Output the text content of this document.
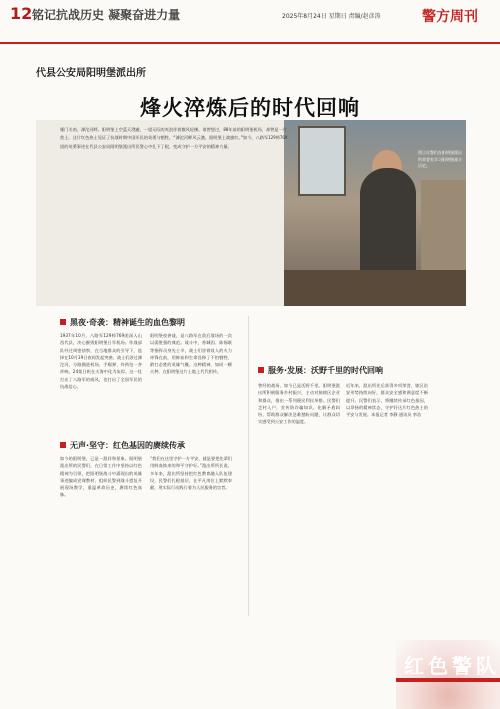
12 铭记抗战历史 凝聚奋进力量	2025年8月24日 星期日 责编/赵彦涛	警方周刊
代县公安局阳明堡派出所
烽火淬炼后的时代回响
雁门关南，滹沱河畔。阳明堡上空蓝天澄澈，一望无际的麦浪伴着微风轻拂。谁曾想过，88年前的阳明堡机场，却曾是一片焦土。这片红色热土见证了抗战时期中国军民的英勇与牺牲。“滹沱河畔风云激，阳明堡上战旗红。”如今，八路军129师769团的英勇事迹在代县公安局阳明堡派出所民警心中扎下了根，变成守护一方平安的精神力量。
图②民警们在阳明堡派出所荣誉室学习阳明堡战斗历史。
黑夜·奇袭：精神诞生的血色黎明
1937年10月，八路军129师769团深入山西代县，决心摧毁阳明堡日军机场。作战部队经过周密侦察，在当地群众的引导下，选择在10月19日夜间发起突袭。战士们涉过滹沱河，分路摸进机场，手榴弹、炸药包一齐炸响，24架日机在火海中化为灰烬。这一仗打出了八路军的威风，也打出了全国军民的抗战信心。
阳明堡夜袭战，是八路军在敌后战场的一次以弱胜强的典范。战斗中，香城固、陈锡联等指挥员身先士卒，战士们冒着敌人的火力冲锋在前，用鲜血和生命诠释了不怕牺牲、敢打必胜的英雄气概。这种精神，如同一颗火种，在阳明堡这片土地上代代相传。
无声·坚守：红色基因的赓续传承
如今的阳明堡，已是一派祥和景象。阳明堡派出所的民警们，在日常工作中坚持以红色精神为引领，把阳明堡战斗中涌现出的英雄事迹编成党课教材，组织民警到战斗遗址开展现场教学，重温革命历史，赓续红色血脉。
“我们在这里守护一方平安，就是要把先辈们用鲜血换来的和平守护好。”派出所所长说。多年来，派出所坚持把红色教育融入队伍建设，民警们扎根基层，在平凡岗位上默默奉献，用实际行动践行着为人民服务的宗旨。
服务·发展：沃野千里的时代回响
曾经的战场，如今已是沃野千里。阳明堡派出所积极服务乡村振兴，主动对接辖区企业和群众，推出一系列便民利民举措。民警们走村入户，宣传防诈骗知识，化解矛盾纠纷，帮助群众解决急难愁盼问题，让群众切实感受到公安工作的温度。
近年来，派出所先后获得多项荣誉，辖区治安形势持续向好，群众安全感和满意度不断提升。民警们表示，将继续传承红色基因，以昂扬的精神状态，守护好这片红色热土的平安与发展。本报记者 李静 通讯员 李浩
红色警队
